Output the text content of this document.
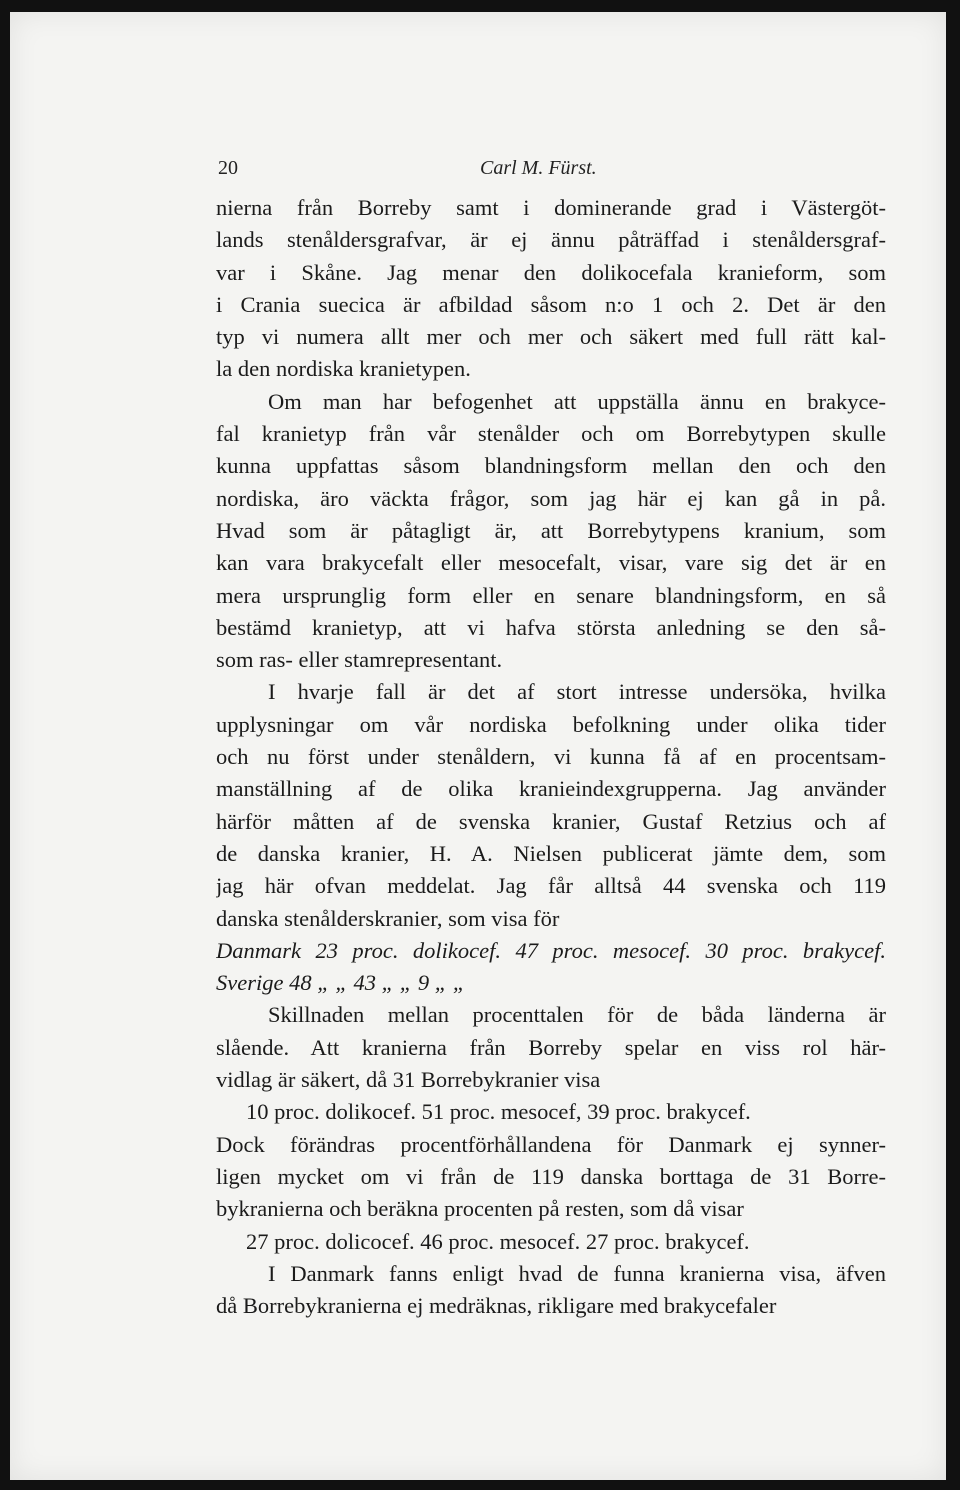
20	Carl M. Fürst.
nierna från Borreby samt i dominerande grad i Västergöt-
lands stenåldersgrafvar, är ej ännu påträffad i stenåldersgraf-
var i Skåne. Jag menar den dolikocefala kranieform, som
i Crania suecica är afbildad såsom n:o 1 och 2. Det är den
typ vi numera allt mer och mer och säkert med full rätt kal-
la den nordiska kranietypen.
Om man har befogenhet att uppställa ännu en brakyce-
fal kranietyp från vår stenålder och om Borrebytypen skulle
kunna uppfattas såsom blandningsform mellan den och den
nordiska, äro väckta frågor, som jag här ej kan gå in på.
Hvad som är påtagligt är, att Borrebytypens kranium, som
kan vara brakycefalt eller mesocefalt, visar, vare sig det är en
mera ursprunglig form eller en senare blandningsform, en så
bestämd kranietyp, att vi hafva största anledning se den så-
som ras- eller stamrepresentant.
I hvarje fall är det af stort intresse undersöka, hvilka
upplysningar om vår nordiska befolkning under olika tider
och nu först under stenåldern, vi kunna få af en procentsam-
manställning af de olika kranieindexgrupperna. Jag använder
härför måtten af de svenska kranier, Gustaf Retzius och af
de danska kranier, H. A. Nielsen publicerat jämte dem, som
jag här ofvan meddelat. Jag får alltså 44 svenska och 119
danska stenålderskranier, som visa för
Danmark 23 proc. dolikocef. 47 proc. mesocef. 30 proc. brakycef.
Sverige 48 „ „ 43 „ „ 9 „ „
Skillnaden mellan procenttalen för de båda länderna är
slående. Att kranierna från Borreby spelar en viss rol här-
vidlag är säkert, då 31 Borrebykranier visa
10 proc. dolikocef. 51 proc. mesocef, 39 proc. brakycef.
Dock förändras procentförhållandena för Danmark ej synner-
ligen mycket om vi från de 119 danska borttaga de 31 Borre-
bykranierna och beräkna procenten på resten, som då visar
27 proc. dolicocef. 46 proc. mesocef. 27 proc. brakycef.
I Danmark fanns enligt hvad de funna kranierna visa, äfven
då Borrebykranierna ej medräknas, rikligare med brakycefaler
